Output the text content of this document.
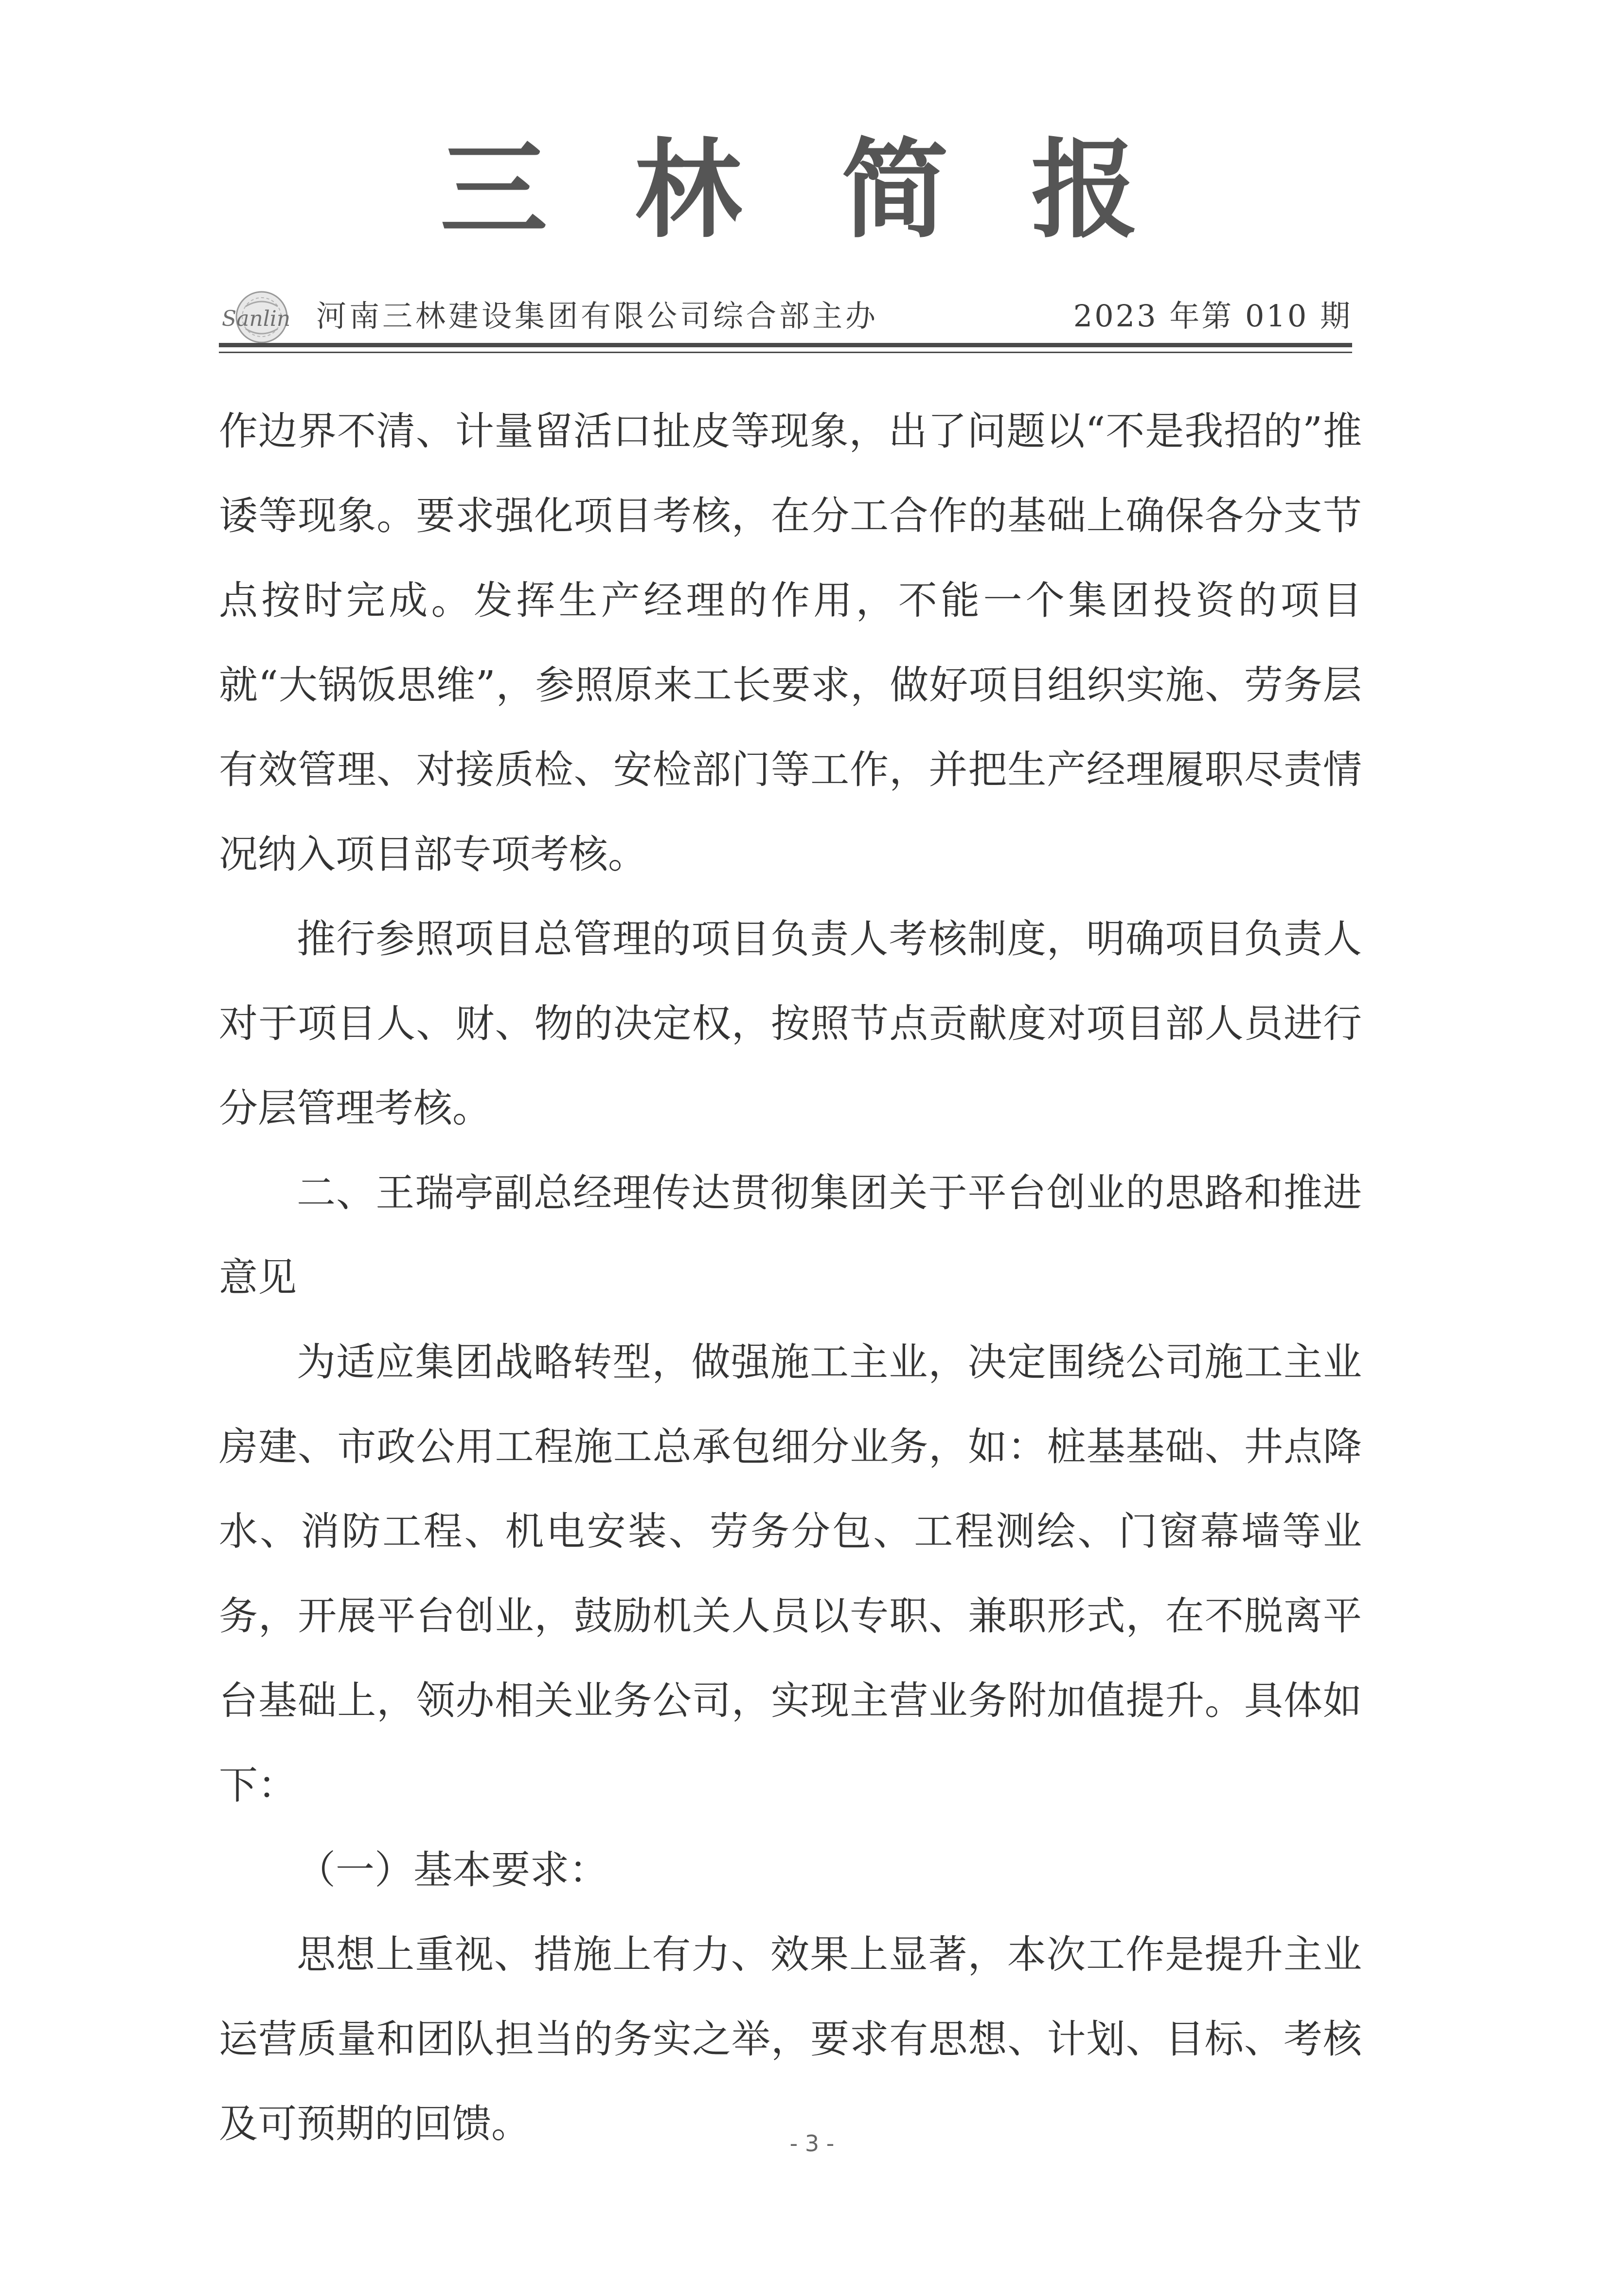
三 林 简 报
Sanlin 河南三林建设集团有限公司综合部主办	2023 年第 010 期

作边界不清、计量留活口扯皮等现象，出了问题以“不是我招的”推诿等现象。要求强化项目考核，在分工合作的基础上确保各分支节点按时完成。发挥生产经理的作用，不能一个集团投资的项目就“大锅饭思维”，参照原来工长要求，做好项目组织实施、劳务层有效管理、对接质检、安检部门等工作，并把生产经理履职尽责情况纳入项目部专项考核。

推行参照项目总管理的项目负责人考核制度，明确项目负责人对于项目人、财、物的决定权，按照节点贡献度对项目部人员进行分层管理考核。

二、王瑞亭副总经理传达贯彻集团关于平台创业的思路和推进意见

为适应集团战略转型，做强施工主业，决定围绕公司施工主业房建、市政公用工程施工总承包细分业务，如：桩基基础、井点降水、消防工程、机电安装、劳务分包、工程测绘、门窗幕墙等业务，开展平台创业，鼓励机关人员以专职、兼职形式，在不脱离平台基础上，领办相关业务公司，实现主营业务附加值提升。具体如下：

（一）基本要求：

思想上重视、措施上有力、效果上显著，本次工作是提升主业运营质量和团队担当的务实之举，要求有思想、计划、目标、考核及可预期的回馈。	- 3 -
